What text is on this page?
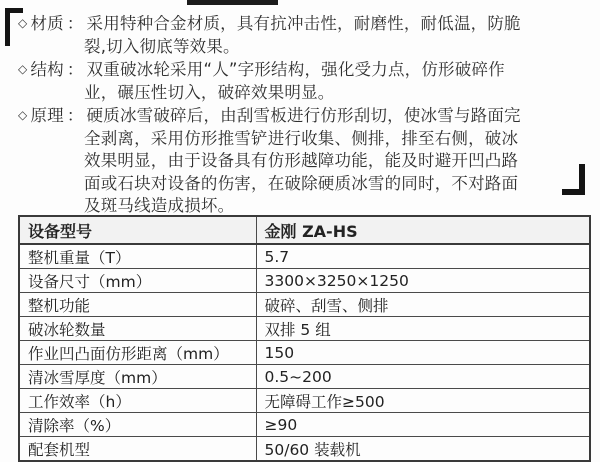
◇ 材质 ： 采用特种合金材质，具有抗冲击性，耐磨性，耐低温，防脆裂,切入彻底等效果。

◇ 结构 ： 双重破冰轮采用“人”字形结构，强化受力点，仿形破碎作业，碾压性切入，破碎效果明显。

◇ 原理 ： 硬质冰雪破碎后，由刮雪板进行仿形刮切，使冰雪与路面完全剥离，采用仿形推雪铲进行收集、侧排，排至右侧，破冰效果明显，由于设备具有仿形越障功能，能及时避开凹凸路面或石块对设备的伤害，在破除硬质冰雪的同时，不对路面及斑马线造成损坏。

设备型号	金刚 ZA-HS
整机重量（T）	5.7
设备尺寸（mm）	3300×3250×1250
整机功能	破碎、刮雪、侧排
破冰轮数量	双排 5 组
作业凹凸面仿形距离（mm）	150
清冰雪厚度（mm）	0.5~200
工作效率（h）	无障碍工作≥500
清除率（%）	≥90
配套机型	50/60 装载机
